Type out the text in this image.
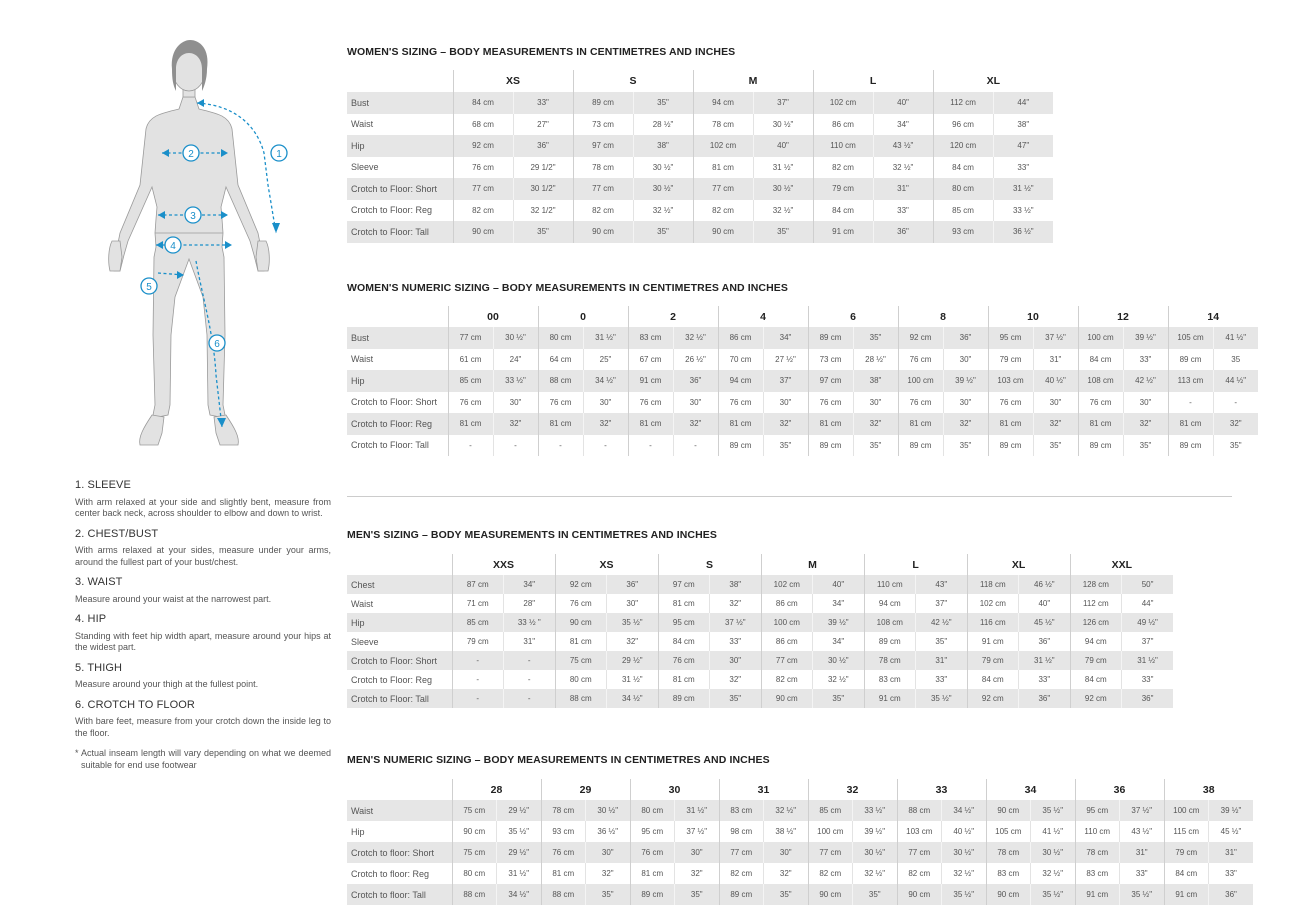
1
2
3
4
5
6
1. SLEEVE
With arm relaxed at your side and slightly bent, measure from center back neck, across shoulder to elbow and down to wrist.
2. CHEST/BUST
With arms relaxed at your sides, measure under your arms, around the fullest part of your bust/chest.
3. WAIST
Measure around your waist at the narrowest part.
4. HIP
Standing with feet hip width apart, measure around your hips at the widest part.
5. THIGH
Measure around your thigh at the fullest point.
6. CROTCH TO FLOOR
With bare feet, measure from your crotch down the inside leg to the floor.
* Actual inseam length will vary depending on what we deemed suitable for end use footwear
WOMEN'S SIZING – BODY MEASUREMENTS IN CENTIMETRES AND INCHES
WOMEN'S NUMERIC SIZING – BODY MEASUREMENTS IN CENTIMETRES AND INCHES
MEN'S SIZING – BODY MEASUREMENTS IN CENTIMETRES AND INCHES
MEN'S NUMERIC SIZING – BODY MEASUREMENTS IN CENTIMETRES AND INCHES
	XS		S		M		L		XL	
Bust	84 cm	33"	89 cm	35"	94 cm	37"	102 cm	40"	112 cm	44"
Waist	68 cm	27"	73 cm	28 ½"	78 cm	30 ½"	86 cm	34"	96 cm	38"
Hip	92 cm	36"	97 cm	38"	102 cm	40"	110 cm	43 ½"	120 cm	47"
Sleeve	76 cm	29 1/2"	78 cm	30 ½"	81 cm	31 ½"	82 cm	32 ½"	84 cm	33"
Crotch to Floor: Short	77 cm	30 1/2"	77 cm	30 ½"	77 cm	30 ½"	79 cm	31"	80 cm	31 ½"
Crotch to Floor: Reg	82 cm	32 1/2"	82 cm	32 ½"	82 cm	32 ½"	84 cm	33"	85 cm	33 ½"
Crotch to Floor: Tall	90 cm	35"	90 cm	35"	90 cm	35"	91 cm	36"	93 cm	36 ½"
	00		0		2		4		6		8		10		12		14	
Bust	77 cm	30 ½"	80 cm	31 ½"	83 cm	32 ½"	86 cm	34"	89 cm	35"	92 cm	36"	95 cm	37 ½"	100 cm	39 ½"	105 cm	41 ½"
Waist	61 cm	24"	64 cm	25"	67 cm	26 ½"	70 cm	27 ½"	73 cm	28 ½"	76 cm	30"	79 cm	31"	84 cm	33"	89 cm	35
Hip	85 cm	33 ½"	88 cm	34 ½"	91 cm	36"	94 cm	37"	97 cm	38"	100 cm	39 ½"	103 cm	40 ½"	108 cm	42 ½"	113 cm	44 ½"
Crotch to Floor: Short	76 cm	30"	76 cm	30"	76 cm	30"	76 cm	30"	76 cm	30"	76 cm	30"	76 cm	30"	76 cm	30"	-	-
Crotch to Floor: Reg	81 cm	32"	81 cm	32"	81 cm	32"	81 cm	32"	81 cm	32"	81 cm	32"	81 cm	32"	81 cm	32"	81 cm	32"
Crotch to Floor: Tall	-	-	-	-	-	-	89 cm	35"	89 cm	35"	89 cm	35"	89 cm	35"	89 cm	35"	89 cm	35"
	XXS		XS		S		M		L		XL		XXL	
Chest	87 cm	34"	92 cm	36"	97 cm	38"	102 cm	40"	110 cm	43"	118 cm	46 ½"	128 cm	50"
Waist	71 cm	28"	76 cm	30"	81 cm	32"	86 cm	34"	94 cm	37"	102 cm	40"	112 cm	44"
Hip	85 cm	33 ½ "	90 cm	35 ½"	95 cm	37 ½"	100 cm	39 ½"	108 cm	42 ½"	116 cm	45 ½"	126 cm	49 ½"
Sleeve	79 cm	31"	81 cm	32"	84 cm	33"	86 cm	34"	89 cm	35"	91 cm	36"	94 cm	37"
Crotch to Floor: Short	-	-	75 cm	29 ½"	76 cm	30"	77 cm	30 ½"	78 cm	31"	79 cm	31 ½"	79 cm	31 ½"
Crotch to Floor: Reg	-	-	80 cm	31 ½"	81 cm	32"	82 cm	32 ½"	83 cm	33"	84 cm	33"	84 cm	33"
Crotch to Floor: Tall	-	-	88 cm	34 ½"	89 cm	35"	90 cm	35"	91 cm	35 ½"	92 cm	36"	92 cm	36"
	28		29		30		31		32		33		34		36		38	
Waist	75 cm	29 ½"	78 cm	30 ½"	80 cm	31 ½"	83 cm	32 ½"	85 cm	33 ½"	88 cm	34 ½"	90 cm	35 ½"	95 cm	37 ½"	100 cm	39 ½"
Hip	90 cm	35 ½"	93 cm	36 ½"	95 cm	37 ½"	98 cm	38 ½"	100 cm	39 ½"	103 cm	40 ½"	105 cm	41 ½"	110 cm	43 ½"	115 cm	45 ½"
Crotch to floor: Short	75 cm	29 ½"	76 cm	30"	76 cm	30"	77 cm	30"	77 cm	30 ½"	77 cm	30 ½"	78 cm	30 ½"	78 cm	31"	79 cm	31"
Crotch to floor: Reg	80 cm	31 ½"	81 cm	32"	81 cm	32"	82 cm	32"	82 cm	32 ½"	82 cm	32 ½"	83 cm	32 ½"	83 cm	33"	84 cm	33"
Crotch to floor: Tall	88 cm	34 ½"	88 cm	35"	89 cm	35"	89 cm	35"	90 cm	35"	90 cm	35 ½"	90 cm	35 ½"	91 cm	35 ½"	91 cm	36"
